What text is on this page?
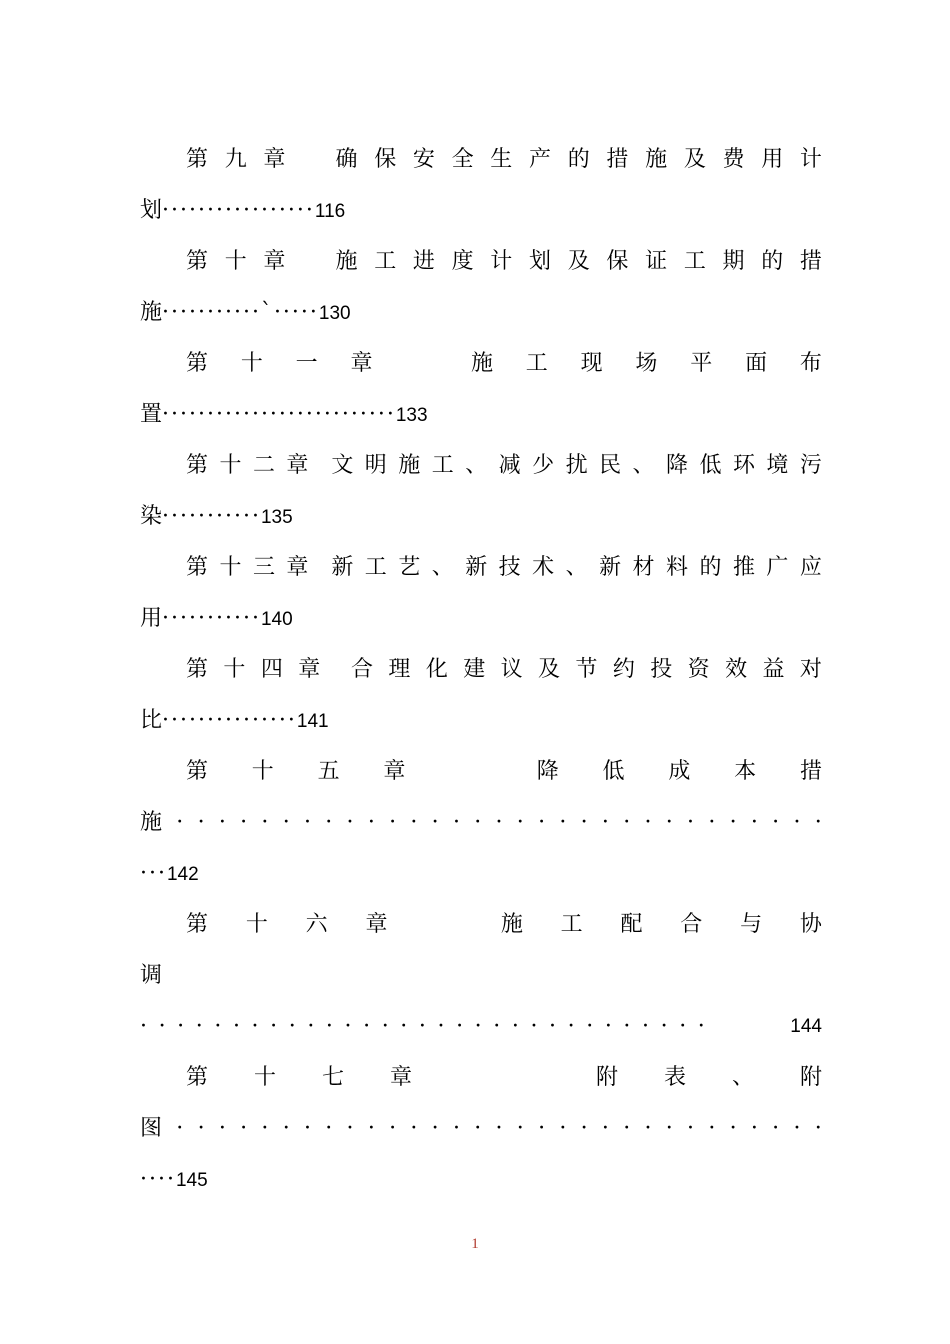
第 九 章 确 保 安 全 生 产 的 措 施 及 费 用 计
划·················116
第 十 章 施 工 进 度 计 划 及 保 证 工 期 的 措
施···········`·····130
第 十 一 章	施 工 现 场 平 面 布
置··························133
第 十 二 章 文 明 施 工 、 减 少 扰 民 、 降 低 环 境 污
染···········135
第 十 三 章 新 工 艺 、 新 技 术 、 新 材 料 的 推 广 应
用···········140
第 十 四 章 合 理 化 建 议 及 节 约 投 资 效 益 对
比···············141
第 十 五 章	降 低 成 本 措
施 · · · · · · · · · · · · · · · · · · · · · · · · · · · · · · ·
···142
第 十 六 章	施 工 配 合 与 协
调
·······························	144
第 十 七 章	附 表 、 附
图 · · · · · · · · · · · · · · · · · · · · · · · · · · · · · · ·
····145
1
